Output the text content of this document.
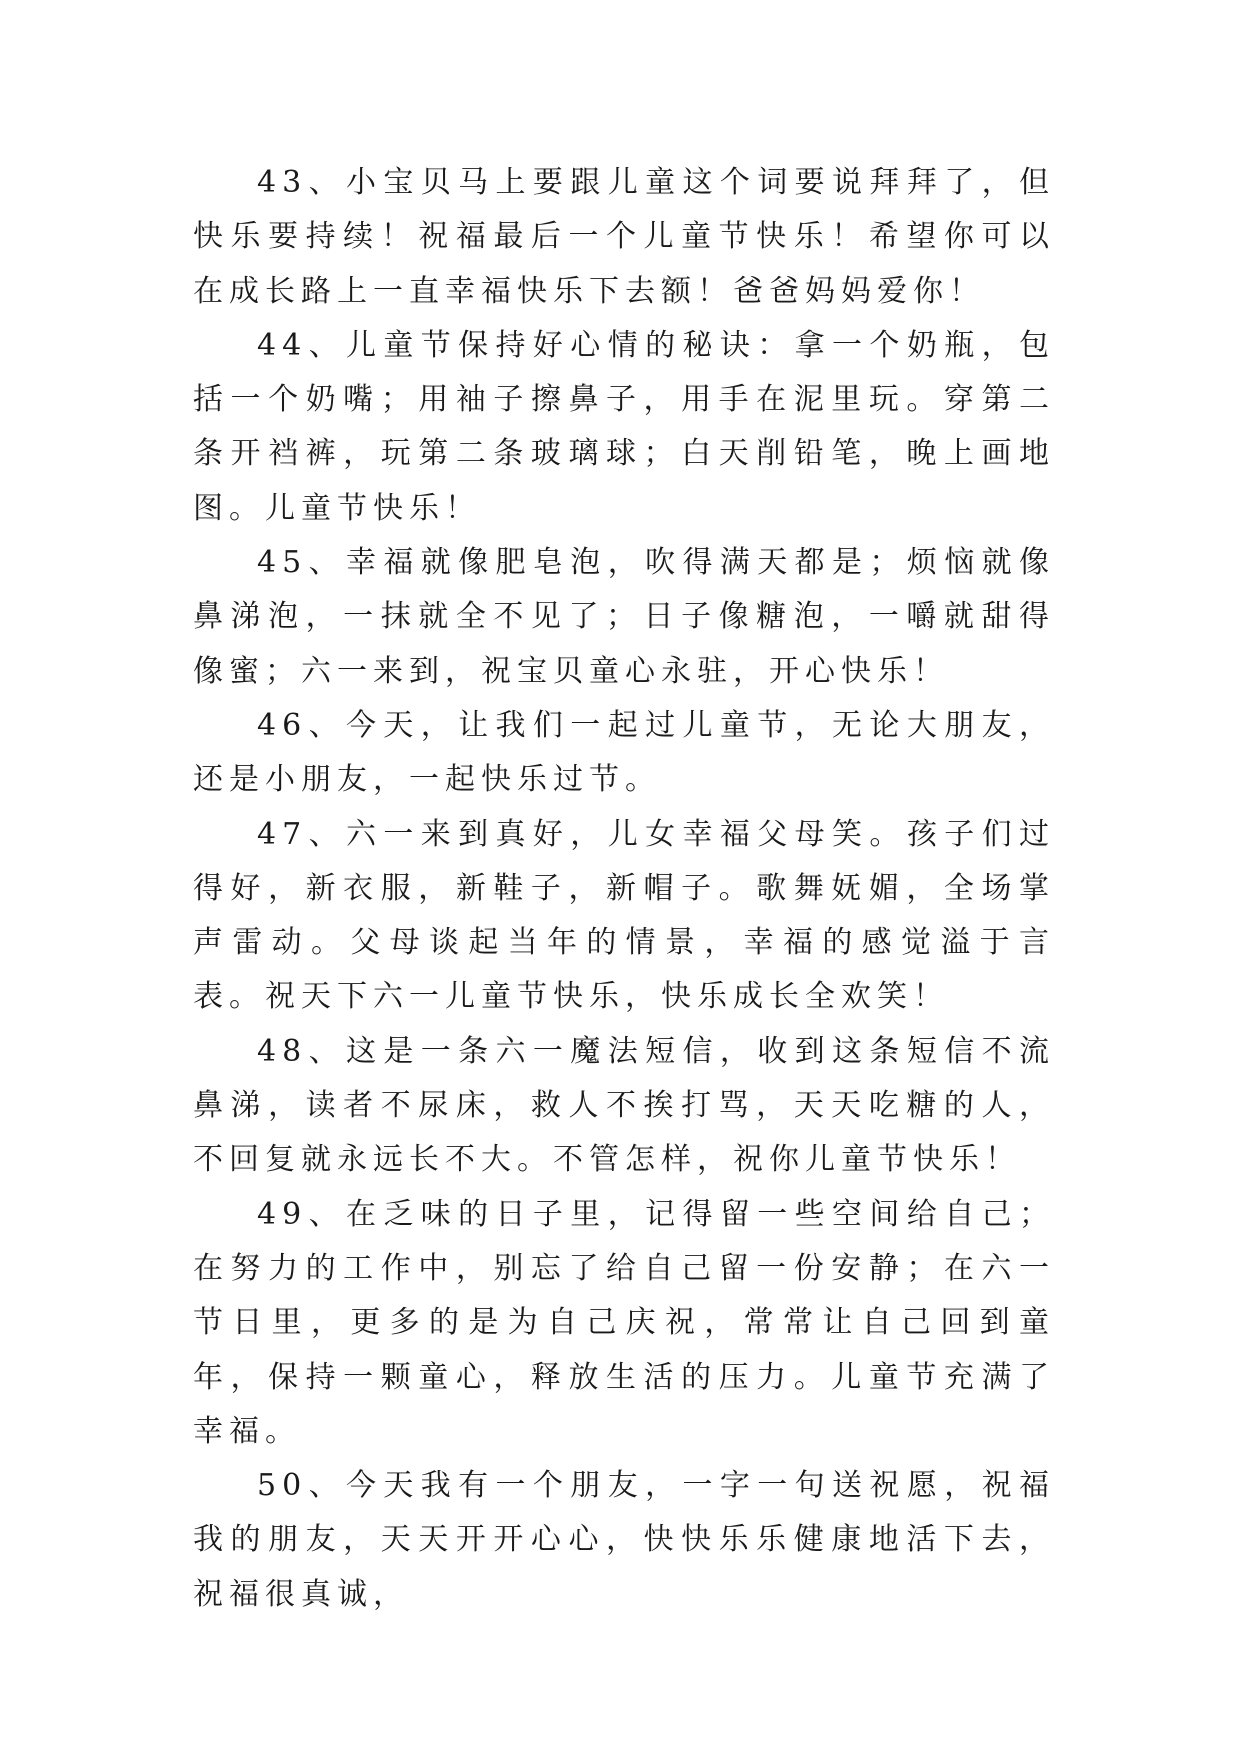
43、小宝贝马上要跟儿童这个词要说拜拜了，但快乐要持续！祝福最后一个儿童节快乐！希望你可以在成长路上一直幸福快乐下去额！爸爸妈妈爱你！

44、儿童节保持好心情的秘诀：拿一个奶瓶，包括一个奶嘴；用袖子擦鼻子，用手在泥里玩。穿第二条开裆裤，玩第二条玻璃球；白天削铅笔，晚上画地图。儿童节快乐！

45、幸福就像肥皂泡，吹得满天都是；烦恼就像鼻涕泡，一抹就全不见了；日子像糖泡，一嚼就甜得像蜜；六一来到，祝宝贝童心永驻，开心快乐！

46、今天，让我们一起过儿童节，无论大朋友，还是小朋友，一起快乐过节。

47、六一来到真好，儿女幸福父母笑。孩子们过得好，新衣服，新鞋子，新帽子。歌舞妩媚，全场掌声雷动。父母谈起当年的情景，幸福的感觉溢于言表。祝天下六一儿童节快乐，快乐成长全欢笑！

48、这是一条六一魔法短信，收到这条短信不流鼻涕，读者不尿床，救人不挨打骂，天天吃糖的人，不回复就永远长不大。不管怎样，祝你儿童节快乐！

49、在乏味的日子里，记得留一些空间给自己；在努力的工作中，别忘了给自己留一份安静；在六一节日里，更多的是为自己庆祝，常常让自己回到童年，保持一颗童心，释放生活的压力。儿童节充满了幸福。

50、今天我有一个朋友，一字一句送祝愿，祝福我的朋友，天天开开心心，快快乐乐健康地活下去，祝福很真诚，
